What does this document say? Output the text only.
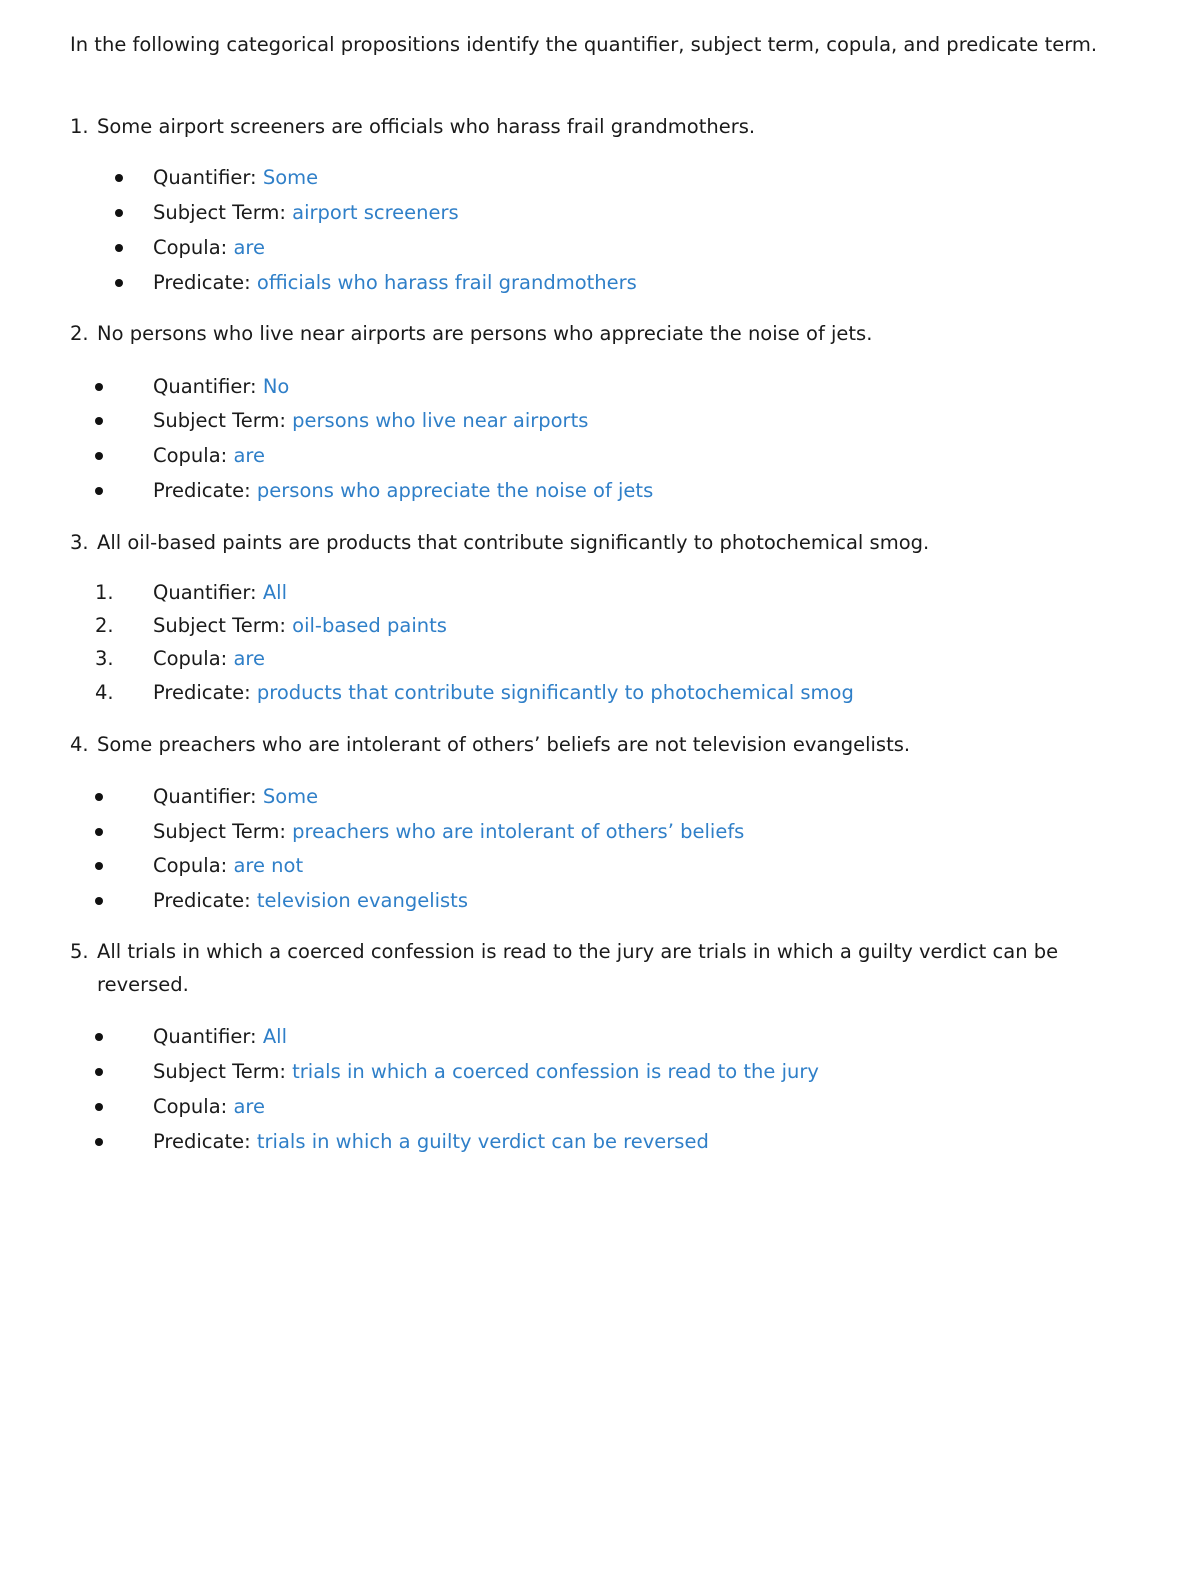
In the following categorical propositions identify the quantifier, subject term, copula, and predicate term.
1. Some airport screeners are officials who harass frail grandmothers.
Quantifier: Some
Subject Term: airport screeners
Copula: are
Predicate: officials who harass frail grandmothers
2. No persons who live near airports are persons who appreciate the noise of jets.
Quantifier: No
Subject Term: persons who live near airports
Copula: are
Predicate: persons who appreciate the noise of jets
3. All oil-based paints are products that contribute significantly to photochemical smog.
1. Quantifier: All
2. Subject Term: oil-based paints
3. Copula: are
4. Predicate: products that contribute significantly to photochemical smog
4. Some preachers who are intolerant of others’ beliefs are not television evangelists.
Quantifier: Some
Subject Term: preachers who are intolerant of others’ beliefs
Copula: are not
Predicate: television evangelists
5. All trials in which a coerced confession is read to the jury are trials in which a guilty verdict can be
reversed.
Quantifier: All
Subject Term: trials in which a coerced confession is read to the jury
Copula: are
Predicate: trials in which a guilty verdict can be reversed
